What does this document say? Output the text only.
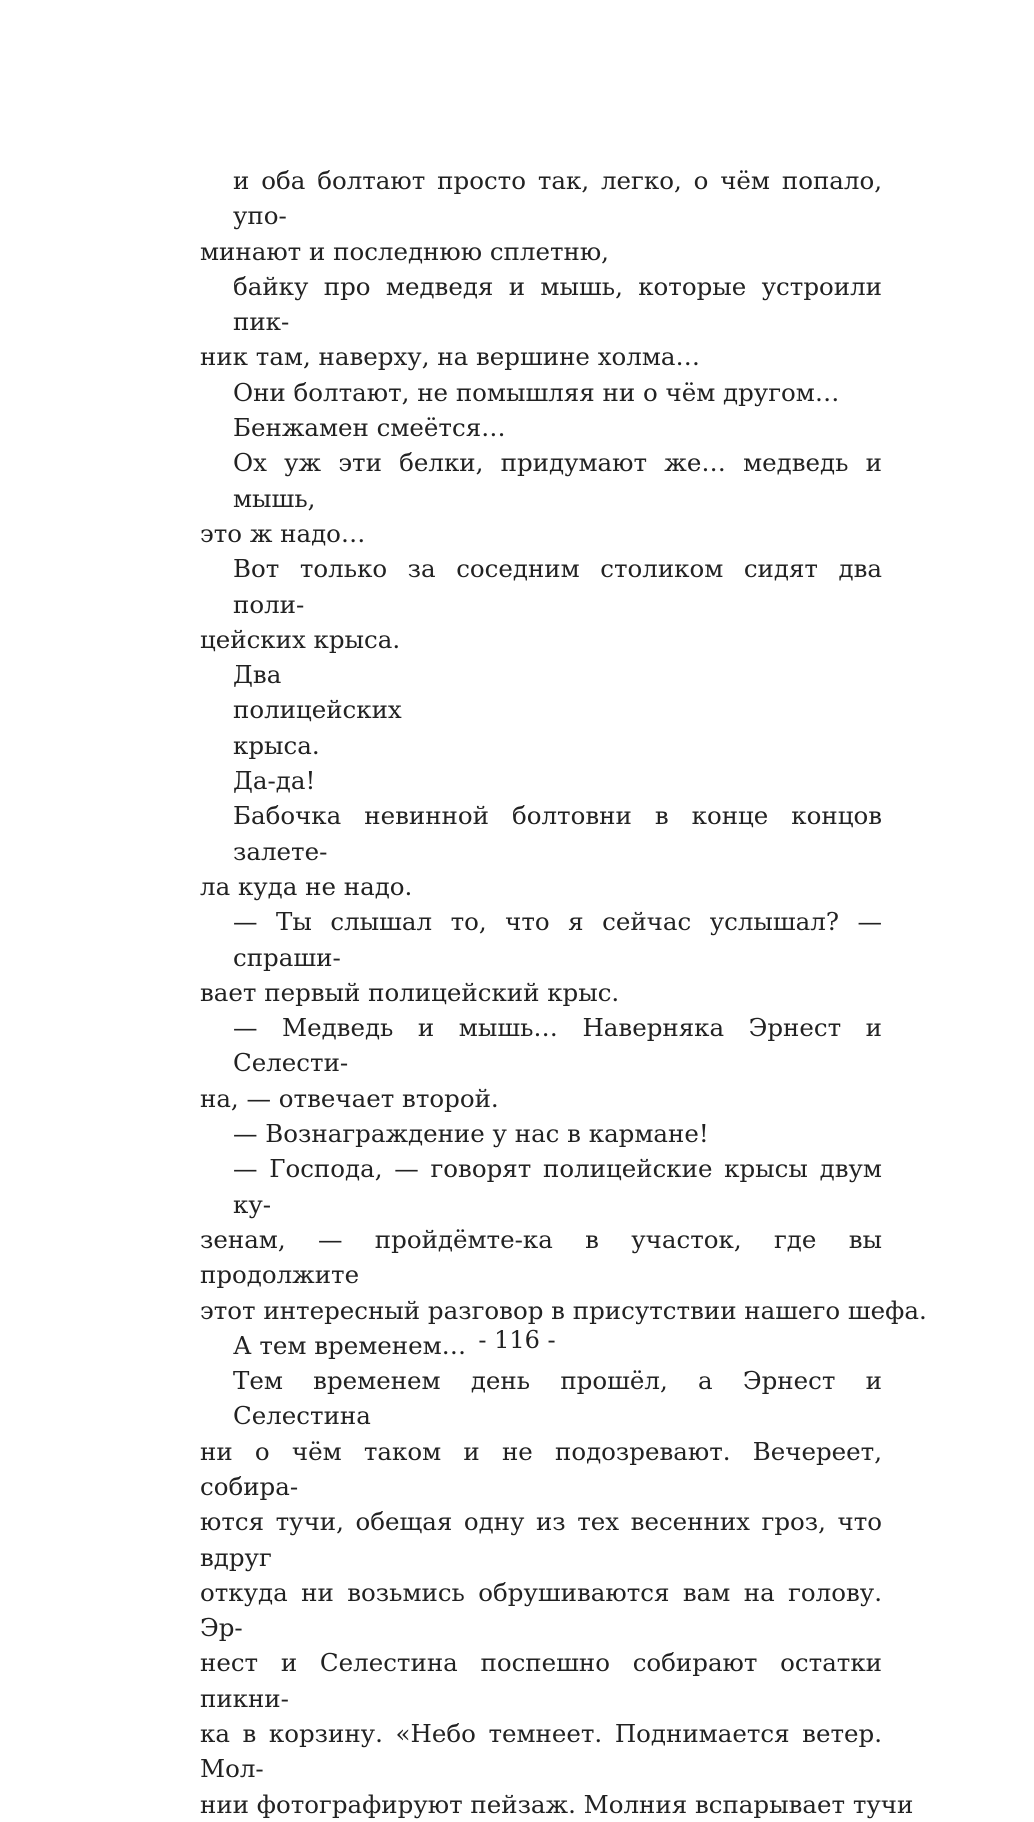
и оба болтают просто так, легко, о чём попало, упо-
минают и последнюю сплетню,
байку про медведя и мышь, которые устроили пик-
ник там, наверху, на вершине холма…
Они болтают, не помышляя ни о чём другом…
Бенжамен смеётся…
Ох уж эти белки, придумают же… медведь и мышь,
это ж надо…
Вот только за соседним столиком сидят два поли-
цейских крыса.
Два
полицейских
крыса.
Да-да!
Бабочка невинной болтовни в конце концов залете-
ла куда не надо.
— Ты слышал то, что я сейчас услышал? — спраши-
вает первый полицейский крыс.
— Медведь и мышь… Наверняка Эрнест и Селести-
на, — отвечает второй.
— Вознаграждение у нас в кармане!
— Господа, — говорят полицейские крысы двум ку-
зенам, — пройдёмте-ка в участок, где вы продолжите
этот интересный разговор в присутствии нашего шефа.
А тем временем…
Тем временем день прошёл, а Эрнест и Селестина
ни о чём таком и не подозревают. Вечереет, собира-
ются тучи, обещая одну из тех весенних гроз, что вдруг
откуда ни возьмись обрушиваются вам на голову. Эр-
нест и Селестина поспешно собирают остатки пикни-
ка в корзину. «Небо темнеет. Поднимается ветер. Мол-
нии фотографируют пейзаж. Молния вспарывает тучи
- 116 -
